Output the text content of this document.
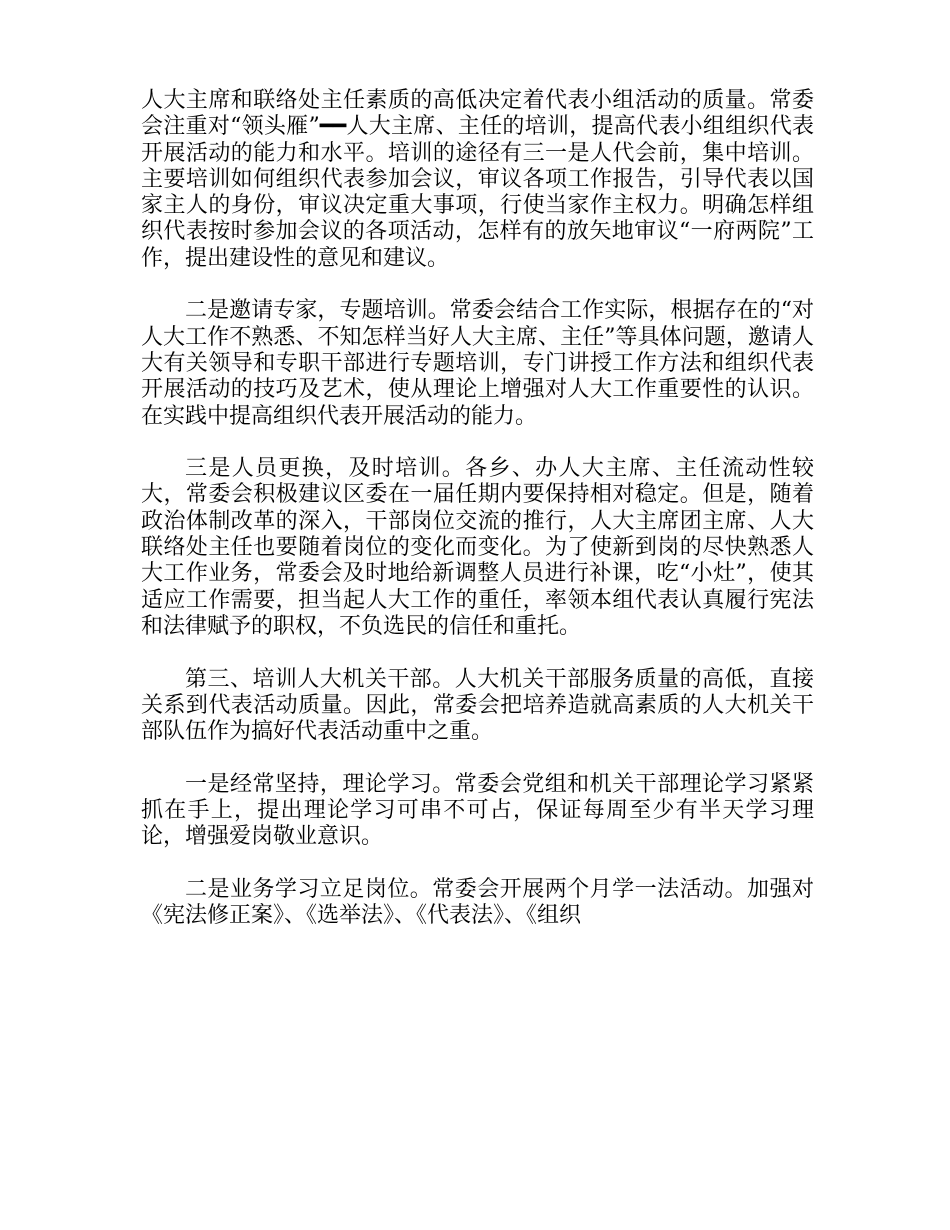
人大主席和联络处主任素质的高低决定着代表小组活动的质量。常委会注重对“领头雁”━━人大主席、主任的培训，提高代表小组组织代表开展活动的能力和水平。培训的途径有三一是人代会前，集中培训。主要培训如何组织代表参加会议，审议各项工作报告，引导代表以国家主人的身份，审议决定重大事项，行使当家作主权力。明确怎样组织代表按时参加会议的各项活动，怎样有的放矢地审议“一府两院”工作，提出建设性的意见和建议。

二是邀请专家，专题培训。常委会结合工作实际，根据存在的“对人大工作不熟悉、不知怎样当好人大主席、主任”等具体问题，邀请人大有关领导和专职干部进行专题培训，专门讲授工作方法和组织代表开展活动的技巧及艺术，使从理论上增强对人大工作重要性的认识。在实践中提高组织代表开展活动的能力。

三是人员更换，及时培训。各乡、办人大主席、主任流动性较大，常委会积极建议区委在一届任期内要保持相对稳定。但是，随着政治体制改革的深入，干部岗位交流的推行，人大主席团主席、人大联络处主任也要随着岗位的变化而变化。为了使新到岗的尽快熟悉人大工作业务，常委会及时地给新调整人员进行补课，吃“小灶”，使其适应工作需要，担当起人大工作的重任，率领本组代表认真履行宪法和法律赋予的职权，不负选民的信任和重托。

第三、培训人大机关干部。人大机关干部服务质量的高低，直接关系到代表活动质量。因此，常委会把培养造就高素质的人大机关干部队伍作为搞好代表活动重中之重。

一是经常坚持，理论学习。常委会党组和机关干部理论学习紧紧抓在手上，提出理论学习可串不可占，保证每周至少有半天学习理论，增强爱岗敬业意识。

二是业务学习立足岗位。常委会开展两个月学一法活动。加强对《宪法修正案》、《选举法》、《代表法》、《组织
